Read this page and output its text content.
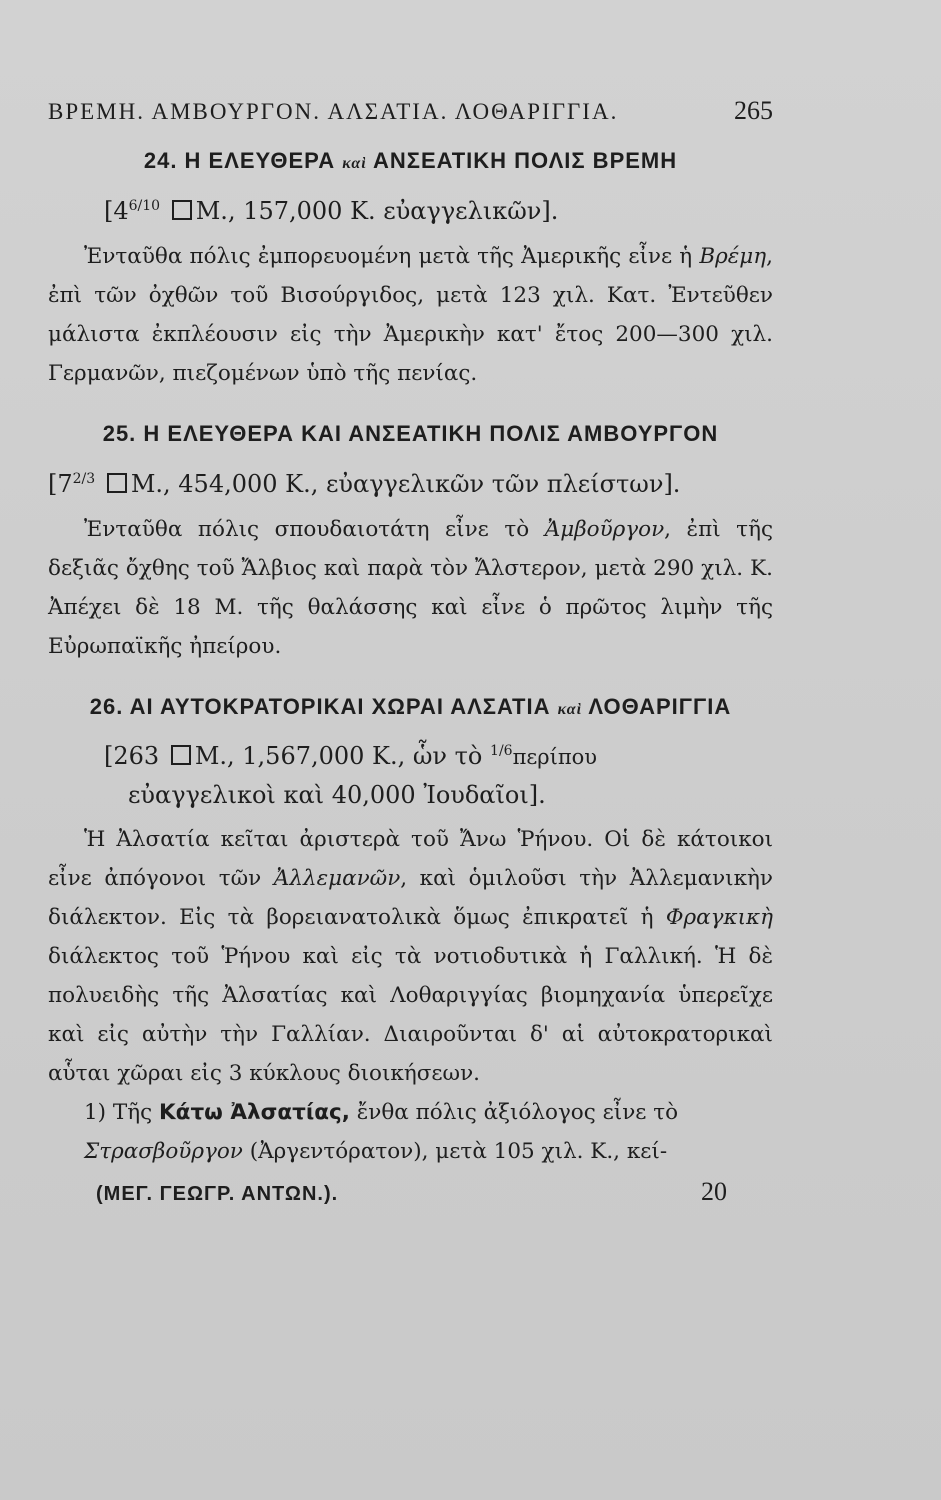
ΒΡΕΜΗ. ΑΜΒΟΥΡΓΟΝ. ΑΛΣΑΤΙΑ. ΛΟΘΑΡΙΓΓΙΑ.	265
24. Η ΕΛΕΥΘΕΡΑ καὶ ΑΝΣΕΑΤΙΚΗ ΠΟΛΙΣ ΒΡΕΜΗ
[$4^{6/10}$ Μ., 157,000 Κ. εὐαγγελικῶν].
Ἐνταῦθα πόλις ἐμπορευομένη μετὰ τῆς Ἀμερικῆς εἶνε ἡ Βρέμη, ἐπὶ τῶν ὀχθῶν τοῦ Βισούργιδος, μετὰ 123 χιλ. Κατ. Ἐντεῦθεν μάλιστα ἐκπλέουσιν εἰς τὴν Ἀμερικὴν κατ' ἔτος 200—300 χιλ. Γερμανῶν, πιεζομένων ὑπὸ τῆς πενίας.
25. Η ΕΛΕΥΘΕΡΑ ΚΑΙ ΑΝΣΕΑΤΙΚΗ ΠΟΛΙΣ ΑΜΒΟΥΡΓΟΝ
[$7^{2/3}$ Μ., 454,000 Κ., εὐαγγελικῶν τῶν πλείστων].
Ἐνταῦθα πόλις σπουδαιοτάτη εἶνε τὸ Ἀμβοῦργον, ἐπὶ τῆς δεξιᾶς ὄχθης τοῦ Ἄλβιος καὶ παρὰ τὸν Ἄλστερον, μετὰ 290 χιλ. Κ. Ἀπέχει δὲ 18 Μ. τῆς θαλάσσης καὶ εἶνε ὁ πρῶτος λιμὴν τῆς Εὐρωπαϊκῆς ἠπείρου.
26. ΑΙ ΑΥΤΟΚΡΑΤΟΡΙΚΑΙ ΧΩΡΑΙ ΑΛΣΑΤΙΑ καὶ ΛΟΘΑΡΙΓΓΙΑ
[263 Μ., 1,567,000 Κ., ὧν τὸ $^{1/6}$περίπου
εὐαγγελικοὶ καὶ 40,000 Ἰουδαῖοι].
Ἡ Ἀλσατία κεῖται ἀριστερὰ τοῦ Ἄνω Ῥήνου. Οἱ δὲ κάτοικοι εἶνε ἀπόγονοι τῶν Ἀλλεμανῶν, καὶ ὁμιλοῦσι τὴν Ἀλλεμανικὴν διάλεκτον. Εἰς τὰ βορειανατολικὰ ὅμως ἐπικρατεῖ ἡ Φραγκικὴ διάλεκτος τοῦ Ῥήνου καὶ εἰς τὰ νοτιοδυτικὰ ἡ Γαλλική. Ἡ δὲ πολυειδὴς τῆς Ἀλσατίας καὶ Λοθαριγγίας βιομηχανία ὑπερεῖχε καὶ εἰς αὐτὴν τὴν Γαλλίαν. Διαιροῦνται δ' αἱ αὐτοκρατορικαὶ αὗται χῶραι εἰς 3 κύκλους διοικήσεων.
1) Τῆς Κάτω Ἀλσατίας, ἔνθα πόλις ἀξιόλογος εἶνε τὸ
Στρασβοῦργον (Ἀργεντόρατον), μετὰ 105 χιλ. Κ., κεί-
(ΜΕΓ. ΓΕΩΓΡ. ΑΝΤΩΝ.).	20
